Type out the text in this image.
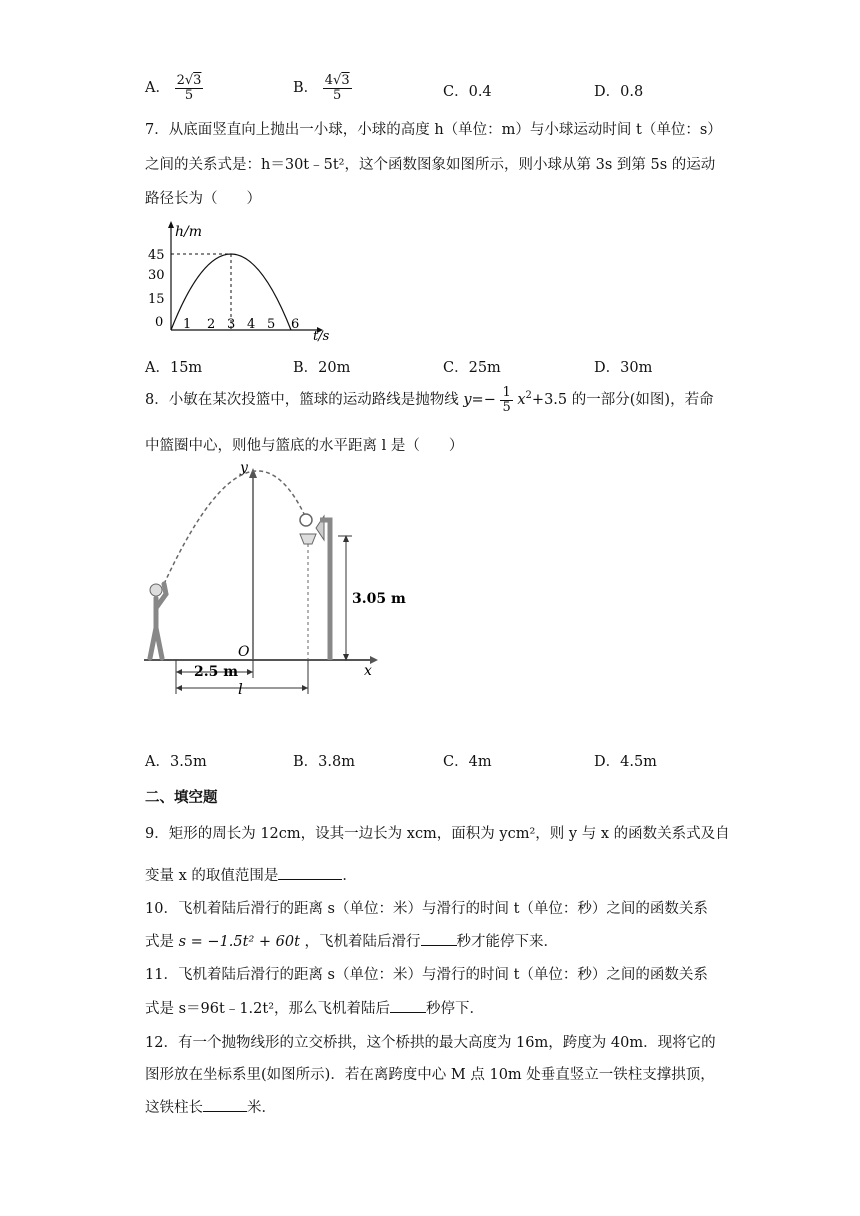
A． $\frac{2√3}{5}$	B． $\frac{4√3}{5}$	C．0.4	D．0.8
7．从底面竖直向上抛出一小球，小球的高度 h（单位：m）与小球运动时间 t（单位：s）
之间的关系式是：h＝30t﹣5t²，这个函数图象如图所示，则小球从第 3s 到第 5s 的运动
路径长为（　　）
h/m
t/s
45
30
15
0 1 2 3 4 5 6
A．15m	B．20m	C．25m	D．30m
8．小敏在某次投篮中，篮球的运动路线是抛物线 $y=- \frac{1}{5} x^2+3.5$ 的一部分(如图)，若命
中篮圈中心，则他与篮底的水平距离 l 是（　　）
y
x
O
3.05 m
2.5 m
l
A．3.5m	B．3.8m	C．4m	D．4.5m
二、填空题
9．矩形的周长为 12cm，设其一边长为 xcm，面积为 ycm²，则 y 与 x 的函数关系式及自
变量 x 的取值范围是	．
10．飞机着陆后滑行的距离 s（单位：米）与滑行的时间 t（单位：秒）之间的函数关系
式是 s = −1.5t² + 60t ，飞机着陆后滑行 秒才能停下来．
11．飞机着陆后滑行的距离 s（单位：米）与滑行的时间 t（单位：秒）之间的函数关系
式是 s＝96t﹣1.2t²，那么飞机着陆后 秒停下．
12．有一个抛物线形的立交桥拱，这个桥拱的最大高度为 16m，跨度为 40m．现将它的
图形放在坐标系里(如图所示)．若在离跨度中心 M 点 10m 处垂直竖立一铁柱支撑拱顶，
这铁柱长	米．
